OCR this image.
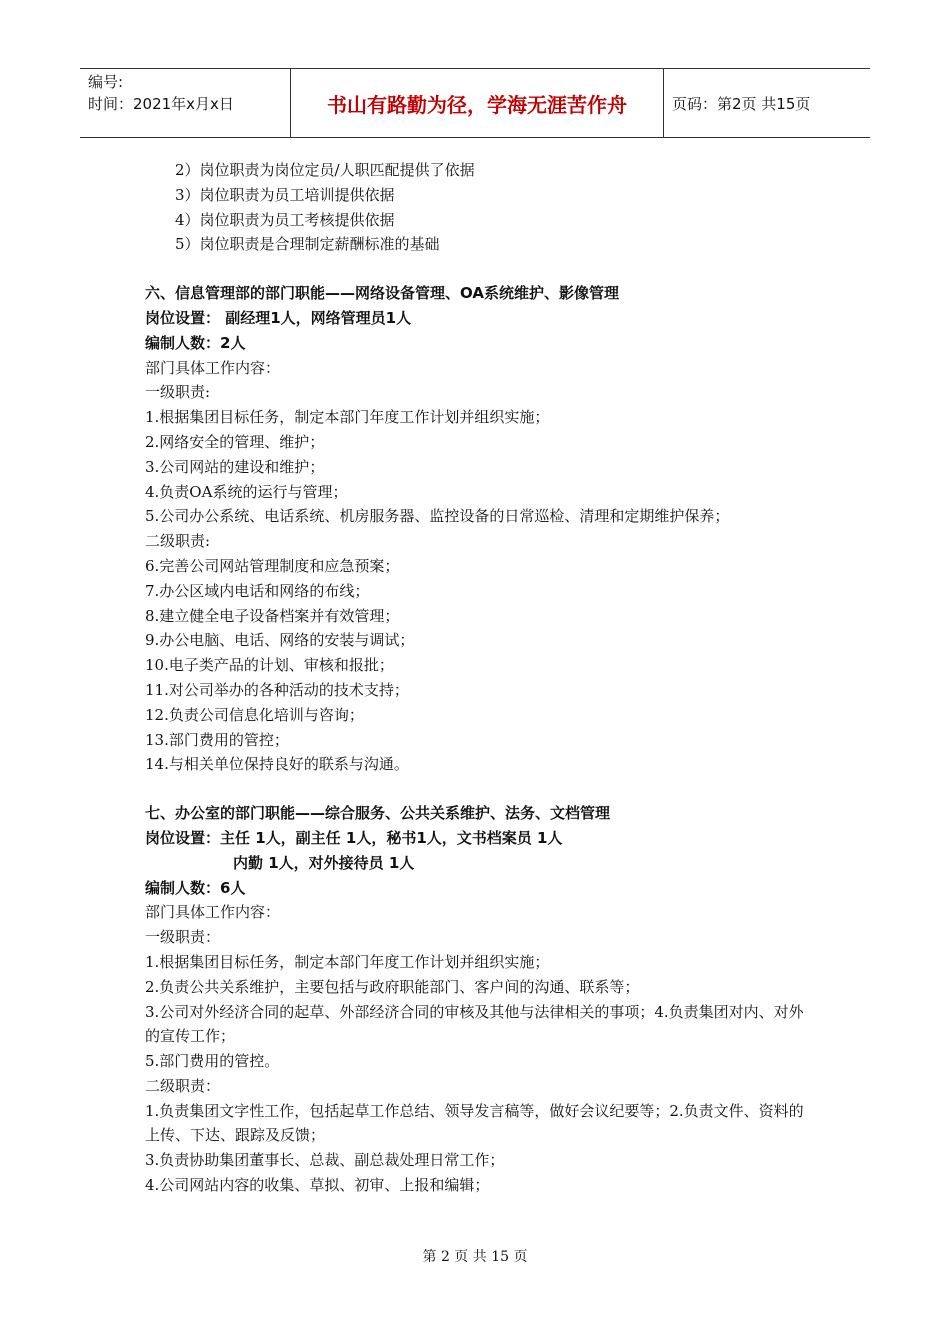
编号:
时间：2021年x月x日	书山有路勤为径，学海无涯苦作舟	页码：第2页 共15页
2）岗位职责为岗位定员/人职匹配提供了依据
3）岗位职责为员工培训提供依据
4）岗位职责为员工考核提供依据
5）岗位职责是合理制定薪酬标准的基础
六、信息管理部的部门职能——网络设备管理、OA系统维护、影像管理
岗位设置： 副经理1人，网络管理员1人
编制人数：2人
部门具体工作内容：
一级职责:
1.根据集团目标任务，制定本部门年度工作计划并组织实施；
2.网络安全的管理、维护；
3.公司网站的建设和维护；
4.负责OA系统的运行与管理；
5.公司办公系统、电话系统、机房服务器、监控设备的日常巡检、清理和定期维护保养；
二级职责:
6.完善公司网站管理制度和应急预案；
7.办公区域内电话和网络的布线；
8.建立健全电子设备档案并有效管理；
9.办公电脑、电话、网络的安装与调试；
10.电子类产品的计划、审核和报批；
11.对公司举办的各种活动的技术支持；
12.负责公司信息化培训与咨询；
13.部门费用的管控；
14.与相关单位保持良好的联系与沟通。
七、办公室的部门职能——综合服务、公共关系维护、法务、文档管理
岗位设置：主任 1人，副主任 1人，秘书1人，文书档案员 1人
内勤 1人，对外接待员 1人
编制人数：6人
部门具体工作内容：
一级职责：
1.根据集团目标任务，制定本部门年度工作计划并组织实施；
2.负责公共关系维护，主要包括与政府职能部门、客户间的沟通、联系等；
3.公司对外经济合同的起草、外部经济合同的审核及其他与法律相关的事项；4.负责集团对内、对外的宣传工作；
5.部门费用的管控。
二级职责：
1.负责集团文字性工作，包括起草工作总结、领导发言稿等，做好会议纪要等；2.负责文件、资料的上传、下达、跟踪及反馈；
3.负责协助集团董事长、总裁、副总裁处理日常工作；
4.公司网站内容的收集、草拟、初审、上报和编辑；
第 2 页 共 15 页
